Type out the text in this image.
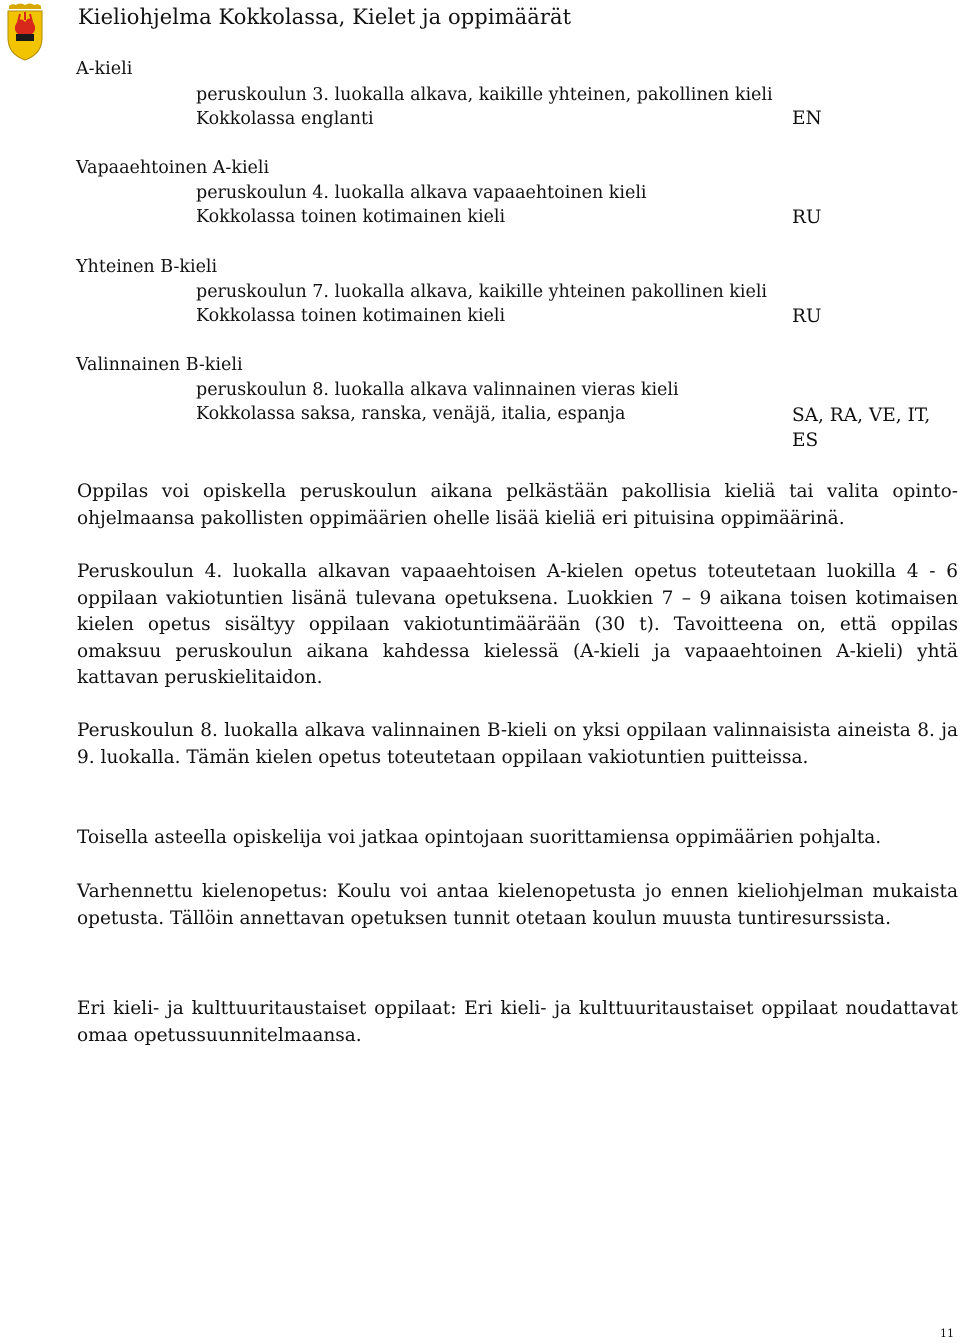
Kieliohjelma Kokkolassa, Kielet ja oppimäärät
A-kieli
peruskoulun 3. luokalla alkava, kaikille yhteinen, pakollinen kieli
Kokkolassa englanti	EN
Vapaaehtoinen A-kieli
peruskoulun 4. luokalla alkava vapaaehtoinen kieli
Kokkolassa toinen kotimainen kieli	RU
Yhteinen B-kieli
peruskoulun 7. luokalla alkava, kaikille yhteinen pakollinen kieli
Kokkolassa toinen kotimainen kieli	RU
Valinnainen B-kieli
peruskoulun 8. luokalla alkava valinnainen vieras kieli
Kokkolassa saksa, ranska, venäjä, italia, espanja	SA, RA, VE, IT,
ES
Oppilas voi opiskella peruskoulun aikana pelkästään pakollisia kieliä tai valita opinto-ohjelmaansa pakollisten oppimäärien ohelle lisää kieliä eri pituisina oppimäärinä.
Peruskoulun 4. luokalla alkavan vapaaehtoisen A-kielen opetus toteutetaan luokilla 4 - 6 oppilaan vakiotuntien lisänä tulevana opetuksena. Luokkien 7 – 9 aikana toisen kotimaisen kielen opetus sisältyy oppilaan vakiotuntimäärään (30 t). Tavoitteena on, että oppilas omaksuu peruskoulun aikana kahdessa kielessä (A-kieli ja vapaaehtoinen A-kieli) yhtä kattavan peruskielitaidon.
Peruskoulun 8. luokalla alkava valinnainen B-kieli on yksi oppilaan valinnaisista aineista 8. ja 9. luokalla. Tämän kielen opetus toteutetaan oppilaan vakiotuntien puitteissa.
Toisella asteella opiskelija voi jatkaa opintojaan suorittamiensa oppimäärien pohjalta.
Varhennettu kielenopetus: Koulu voi antaa kielenopetusta jo ennen kieliohjelman mukaista opetusta. Tällöin annettavan opetuksen tunnit otetaan koulun muusta tuntiresurssista.
Eri kieli- ja kulttuuritaustaiset oppilaat: Eri kieli- ja kulttuuritaustaiset oppilaat noudattavat omaa opetussuunnitelmaansa.
11
